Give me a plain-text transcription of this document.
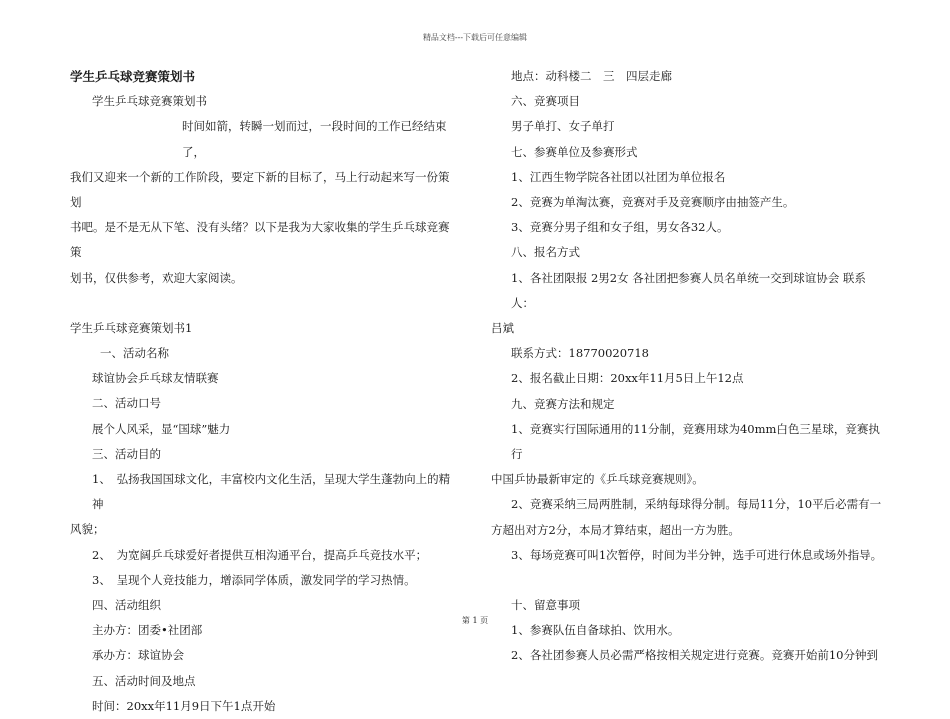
精品文档---下载后可任意编辑
学生乒乓球竞赛策划书
学生乒乓球竞赛策划书
时间如箭，转瞬一划而过，一段时间的工作已经结束了，
我们又迎来一个新的工作阶段，要定下新的目标了，马上行动起来写一份策划
书吧。是不是无从下笔、没有头绪？以下是我为大家收集的学生乒乓球竞赛策
划书，仅供参考，欢迎大家阅读。
学生乒乓球竞赛策划书1
一、活动名称
球谊协会乒乓球友情联赛
二、活动口号
展个人风采，显“国球”魅力
三、活动目的
1、　弘扬我国国球文化，丰富校内文化生活，呈现大学生蓬勃向上的精神
风貌；
2、　为宽阔乒乓球爱好者提供互相沟通平台，提高乒乓竞技水平；
3、　呈现个人竞技能力，增添同学体质，激发同学的学习热情。
四、活动组织
主办方：团委•社团部
承办方：球谊协会
五、活动时间及地点
时间：20xx年11月9日下午1点开始
地点：动科楼二　三　四层走廊
六、竞赛项目
男子单打、女子单打
七、参赛单位及参赛形式
1、江西生物学院各社团以社团为单位报名
2、竞赛为单淘汰赛，竞赛对手及竞赛顺序由抽签产生。
3、竞赛分男子组和女子组，男女各32人。
八、报名方式
1、各社团限报 2男2女 各社团把参赛人员名单统一交到球谊协会 联系人：
吕斌
联系方式：18770020718
2、报名截止日期：20xx年11月5日上午12点
九、竞赛方法和规定
1、竞赛实行国际通用的11分制，竞赛用球为40mm白色三星球，竞赛执行
中国乒协最新审定的《乒乓球竞赛规则》。
2、竞赛采纳三局两胜制，采纳每球得分制。每局11分，10平后必需有一
方超出对方2分，本局才算结束，超出一方为胜。
3、每场竞赛可叫1次暂停，时间为半分钟，选手可进行休息或场外指导。
十、留意事项
1、参赛队伍自备球拍、饮用水。
2、各社团参赛人员必需严格按相关规定进行竞赛。竞赛开始前10分钟到
第 1 页
